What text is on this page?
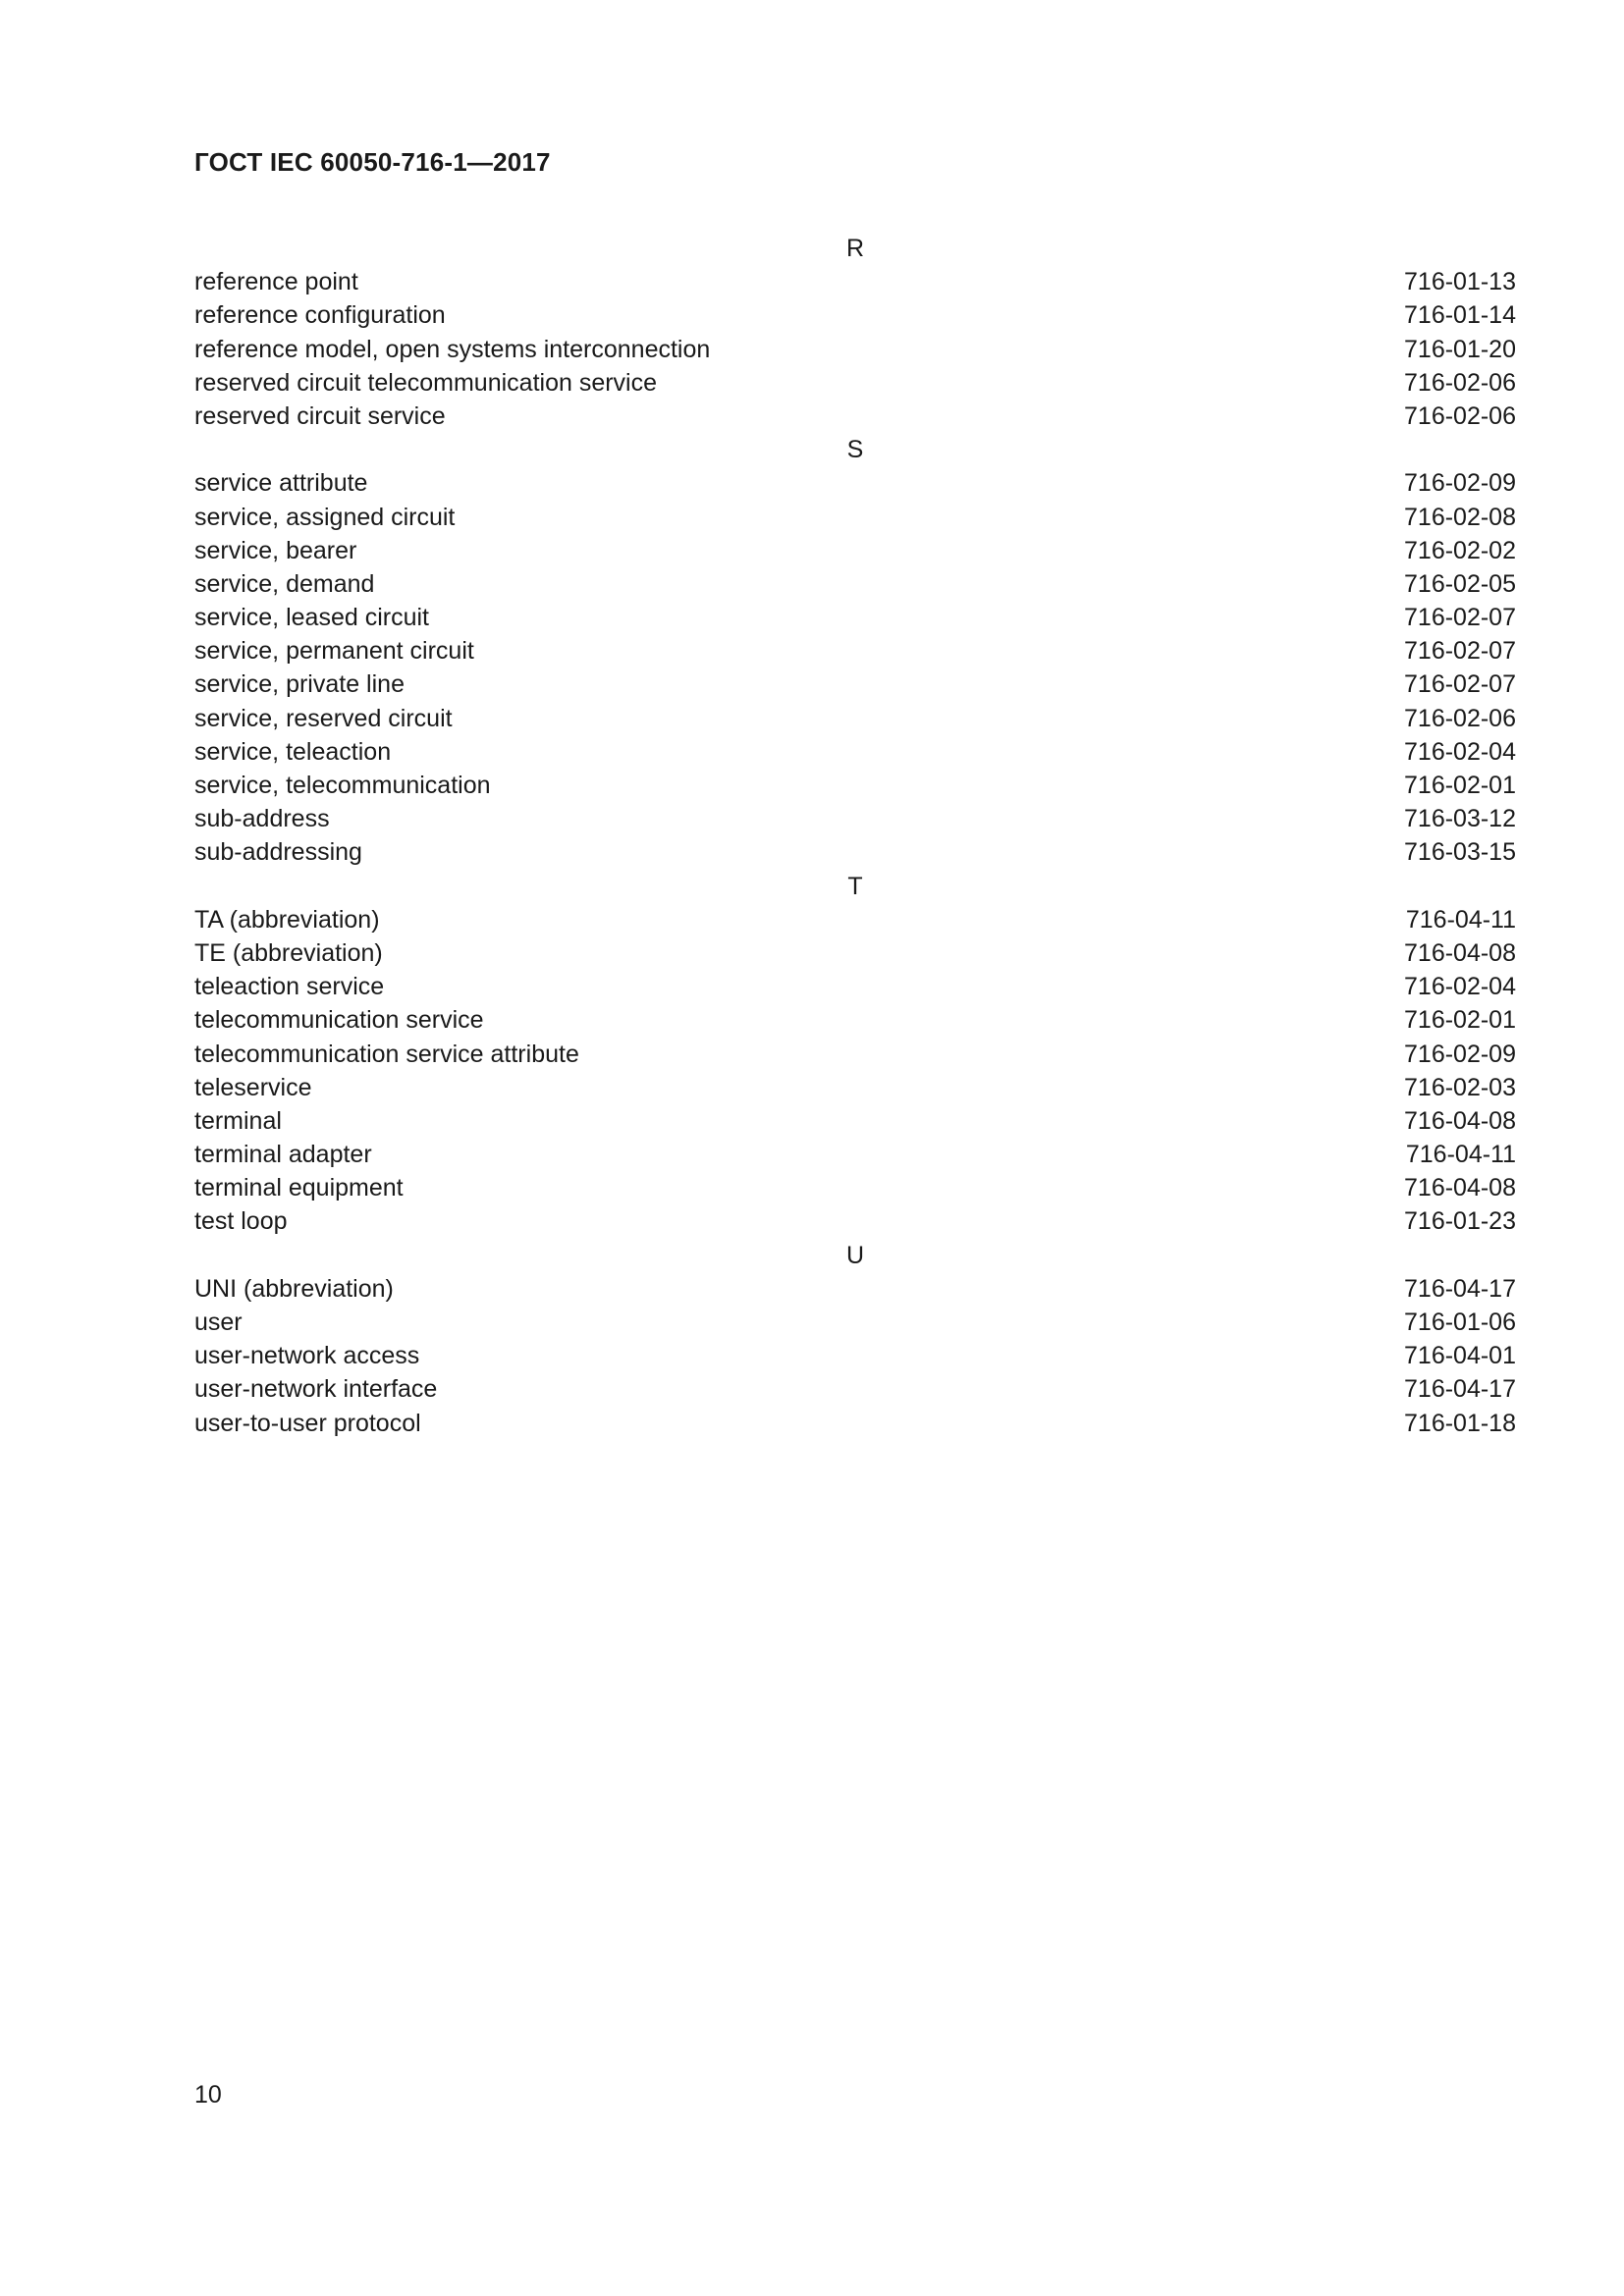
ГОСТ IEC 60050-716-1—2017
R
reference point	716-01-13
reference configuration	716-01-14
reference model, open systems interconnection	716-01-20
reserved circuit telecommunication service	716-02-06
reserved circuit service	716-02-06
S
service attribute	716-02-09
service, assigned circuit	716-02-08
service, bearer	716-02-02
service, demand	716-02-05
service, leased circuit	716-02-07
service, permanent circuit	716-02-07
service, private line	716-02-07
service, reserved circuit	716-02-06
service, teleaction	716-02-04
service, telecommunication	716-02-01
sub-address	716-03-12
sub-addressing	716-03-15
T
TA (abbreviation)	716-04-11
TE (abbreviation)	716-04-08
teleaction service	716-02-04
telecommunication service	716-02-01
telecommunication service attribute	716-02-09
teleservice	716-02-03
terminal	716-04-08
terminal adapter	716-04-11
terminal equipment	716-04-08
test loop	716-01-23
U
UNI (abbreviation)	716-04-17
user	716-01-06
user-network access	716-04-01
user-network interface	716-04-17
user-to-user protocol	716-01-18
10
